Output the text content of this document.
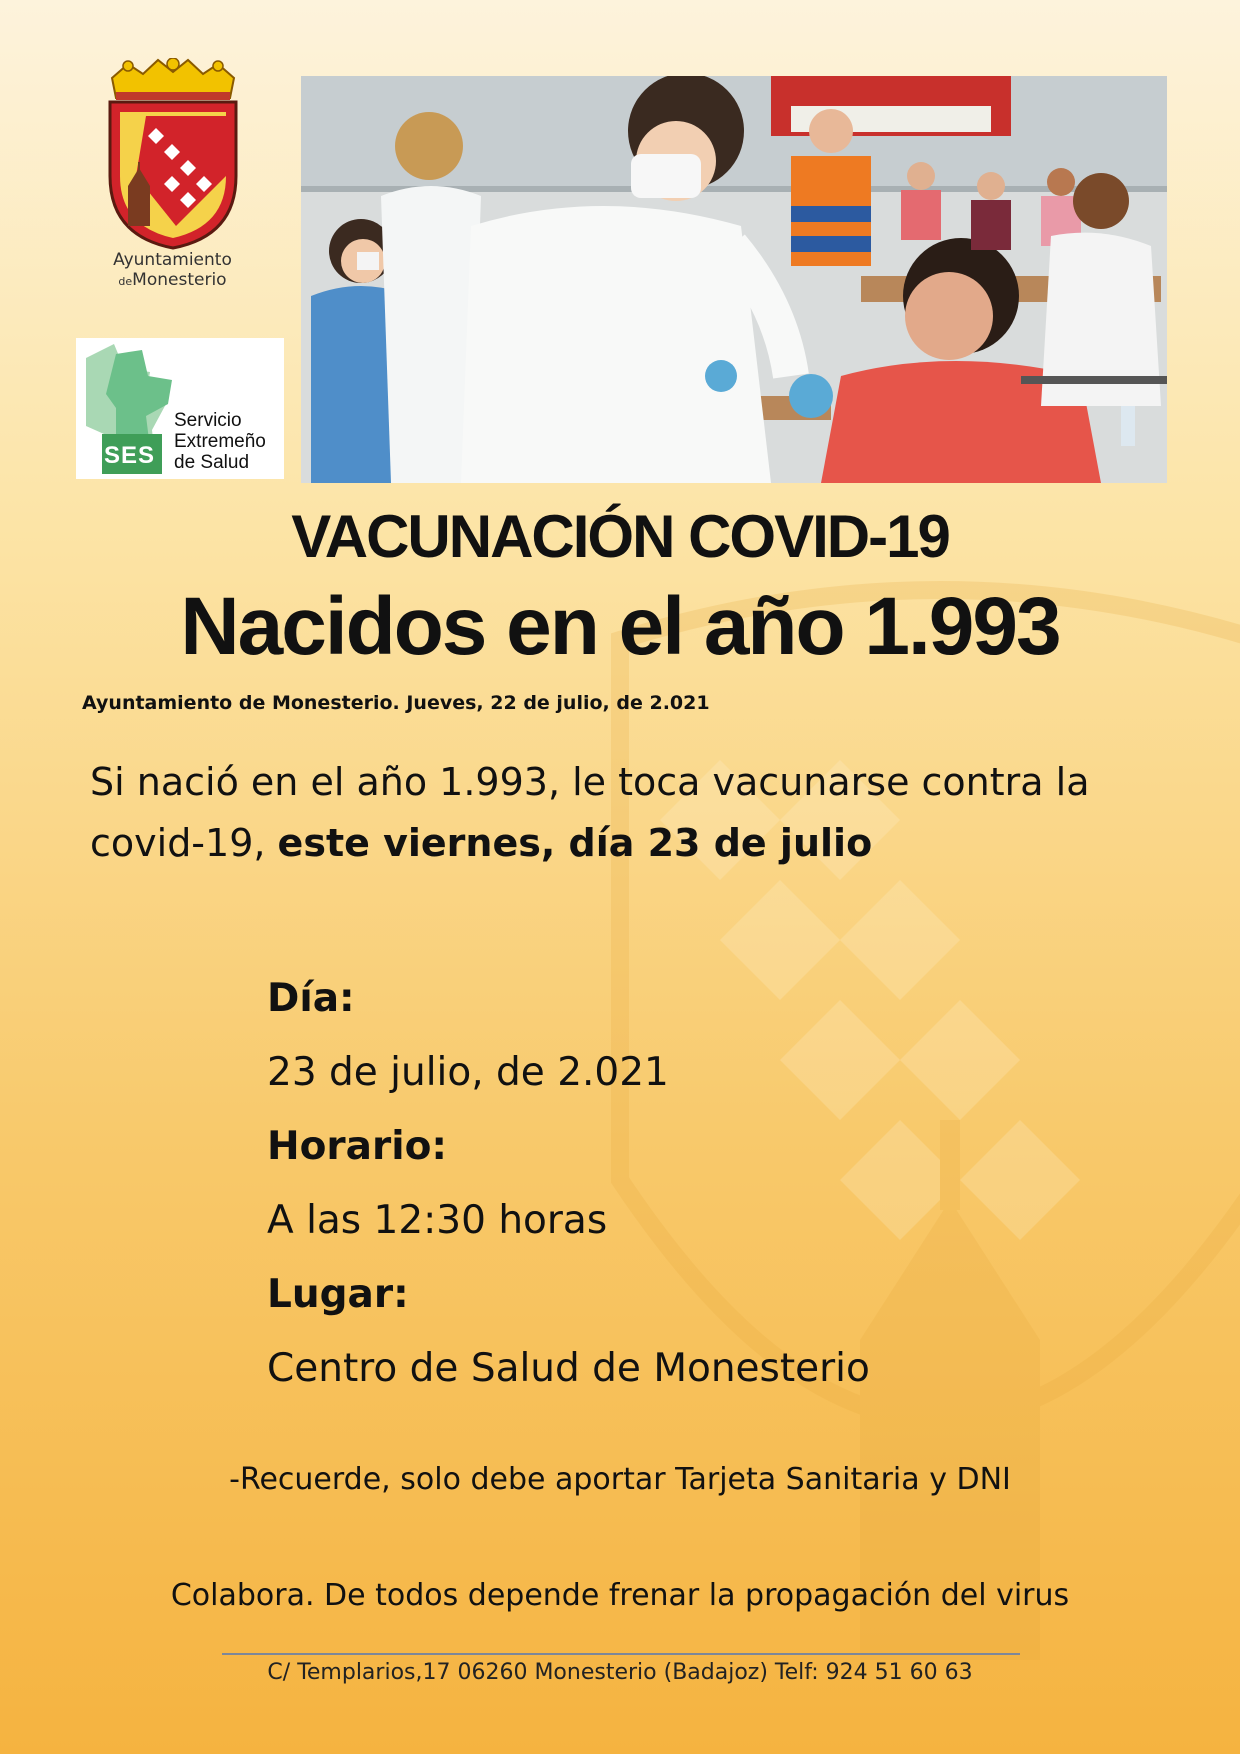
Ayuntamiento
deMonesterio
SES
Servicio
Extremeño
de Salud
VACUNACIÓN COVID-19
Nacidos en el año 1.993
Ayuntamiento de Monesterio. Jueves, 22 de julio, de 2.021

Si nació en el año 1.993, le toca vacunarse contra la covid-19, este viernes, día 23 de julio

Día:
23 de julio, de 2.021
Horario:
A las 12:30 horas
Lugar:
Centro de Salud de Monesterio
-Recuerde, solo debe aportar Tarjeta Sanitaria y DNI
Colabora. De todos depende frenar la propagación del virus
C/ Templarios,17 06260 Monesterio (Badajoz) Telf: 924 51 60 63
